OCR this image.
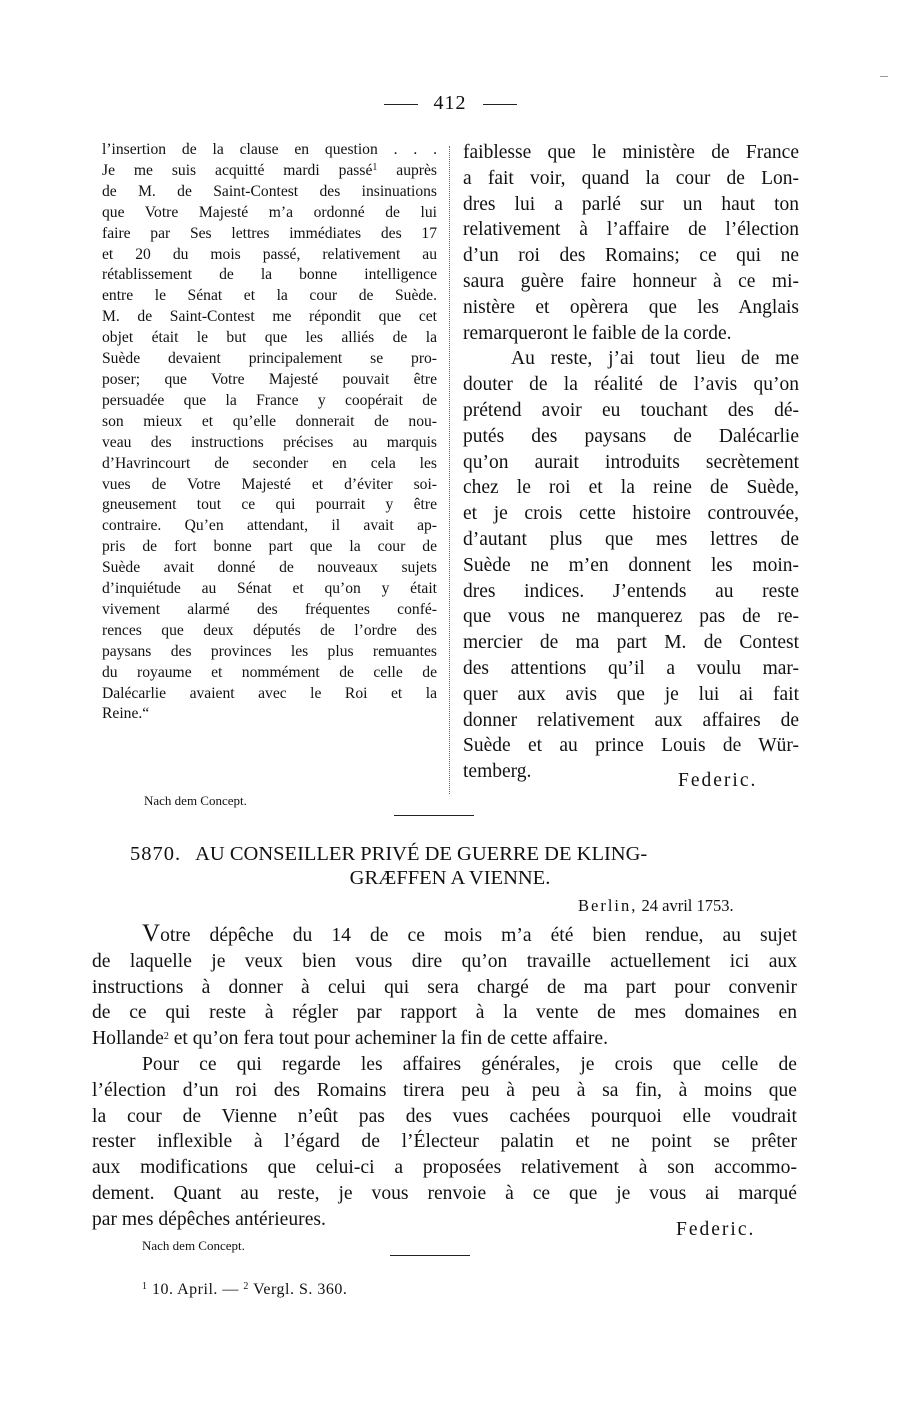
412
l’insertion de la clause en question . . .
Je me suis acquitté mardi passé$^1$ auprès
de M. de Saint-Contest des insinuations
que Votre Majesté m’a ordonné de lui
faire par Ses lettres immédiates des 17
et 20 du mois passé, relativement au
rétablissement de la bonne intelligence
entre le Sénat et la cour de Suède.
M. de Saint-Contest me répondit que cet
objet était le but que les alliés de la
Suède devaient principalement se pro-
poser; que Votre Majesté pouvait être
persuadée que la France y coopérait de
son mieux et qu’elle donnerait de nou-
veau des instructions précises au marquis
d’Havrincourt de seconder en cela les
vues de Votre Majesté et d’éviter soi-
gneusement tout ce qui pourrait y être
contraire. Qu’en attendant, il avait ap-
pris de fort bonne part que la cour de
Suède avait donné de nouveaux sujets
d’inquiétude au Sénat et qu’on y était
vivement alarmé des fréquentes confé-
rences que deux députés de l’ordre des
paysans des provinces les plus remuantes
du royaume et nommément de celle de
Dalécarlie avaient avec le Roi et la
Reine.“
faiblesse que le ministère de France
a fait voir, quand la cour de Lon-
dres lui a parlé sur un haut ton
relativement à l’affaire de l’élection
d’un roi des Romains; ce qui ne
saura guère faire honneur à ce mi-
nistère et opèrera que les Anglais
remarqueront le faible de la corde.
Au reste, j’ai tout lieu de me
douter de la réalité de l’avis qu’on
prétend avoir eu touchant des dé-
putés des paysans de Dalécarlie
qu’on aurait introduits secrètement
chez le roi et la reine de Suède,
et je crois cette histoire controuvée,
d’autant plus que mes lettres de
Suède ne m’en donnent les moin-
dres indices. J’entends au reste
que vous ne manquerez pas de re-
mercier de ma part M. de Contest
des attentions qu’il a voulu mar-
quer aux avis que je lui ai fait
donner relativement aux affaires de
Suède et au prince Louis de Wür-
temberg.	Federic.
Nach dem Concept.
5870. AU CONSEILLER PRIVÉ DE GUERRE DE KLING-
GRÆFFEN A VIENNE.
Berlin, 24 avril 1753.
Votre dépêche du 14 de ce mois m’a été bien rendue, au sujet
de laquelle je veux bien vous dire qu’on travaille actuellement ici aux
instructions à donner à celui qui sera chargé de ma part pour convenir
de ce qui reste à régler par rapport à la vente de mes domaines en
Hollande$^2$ et qu’on fera tout pour acheminer la fin de cette affaire.
Pour ce qui regarde les affaires générales, je crois que celle de
l’élection d’un roi des Romains tirera peu à peu à sa fin, à moins que
la cour de Vienne n’eût pas des vues cachées pourquoi elle voudrait
rester inflexible à l’égard de l’Électeur palatin et ne point se prêter
aux modifications que celui-ci a proposées relativement à son accommo-
dement. Quant au reste, je vous renvoie à ce que je vous ai marqué
par mes dépêches antérieures.	Federic.
Nach dem Concept.
$^1$ 10. April. — $^2$ Vergl. S. 360.
